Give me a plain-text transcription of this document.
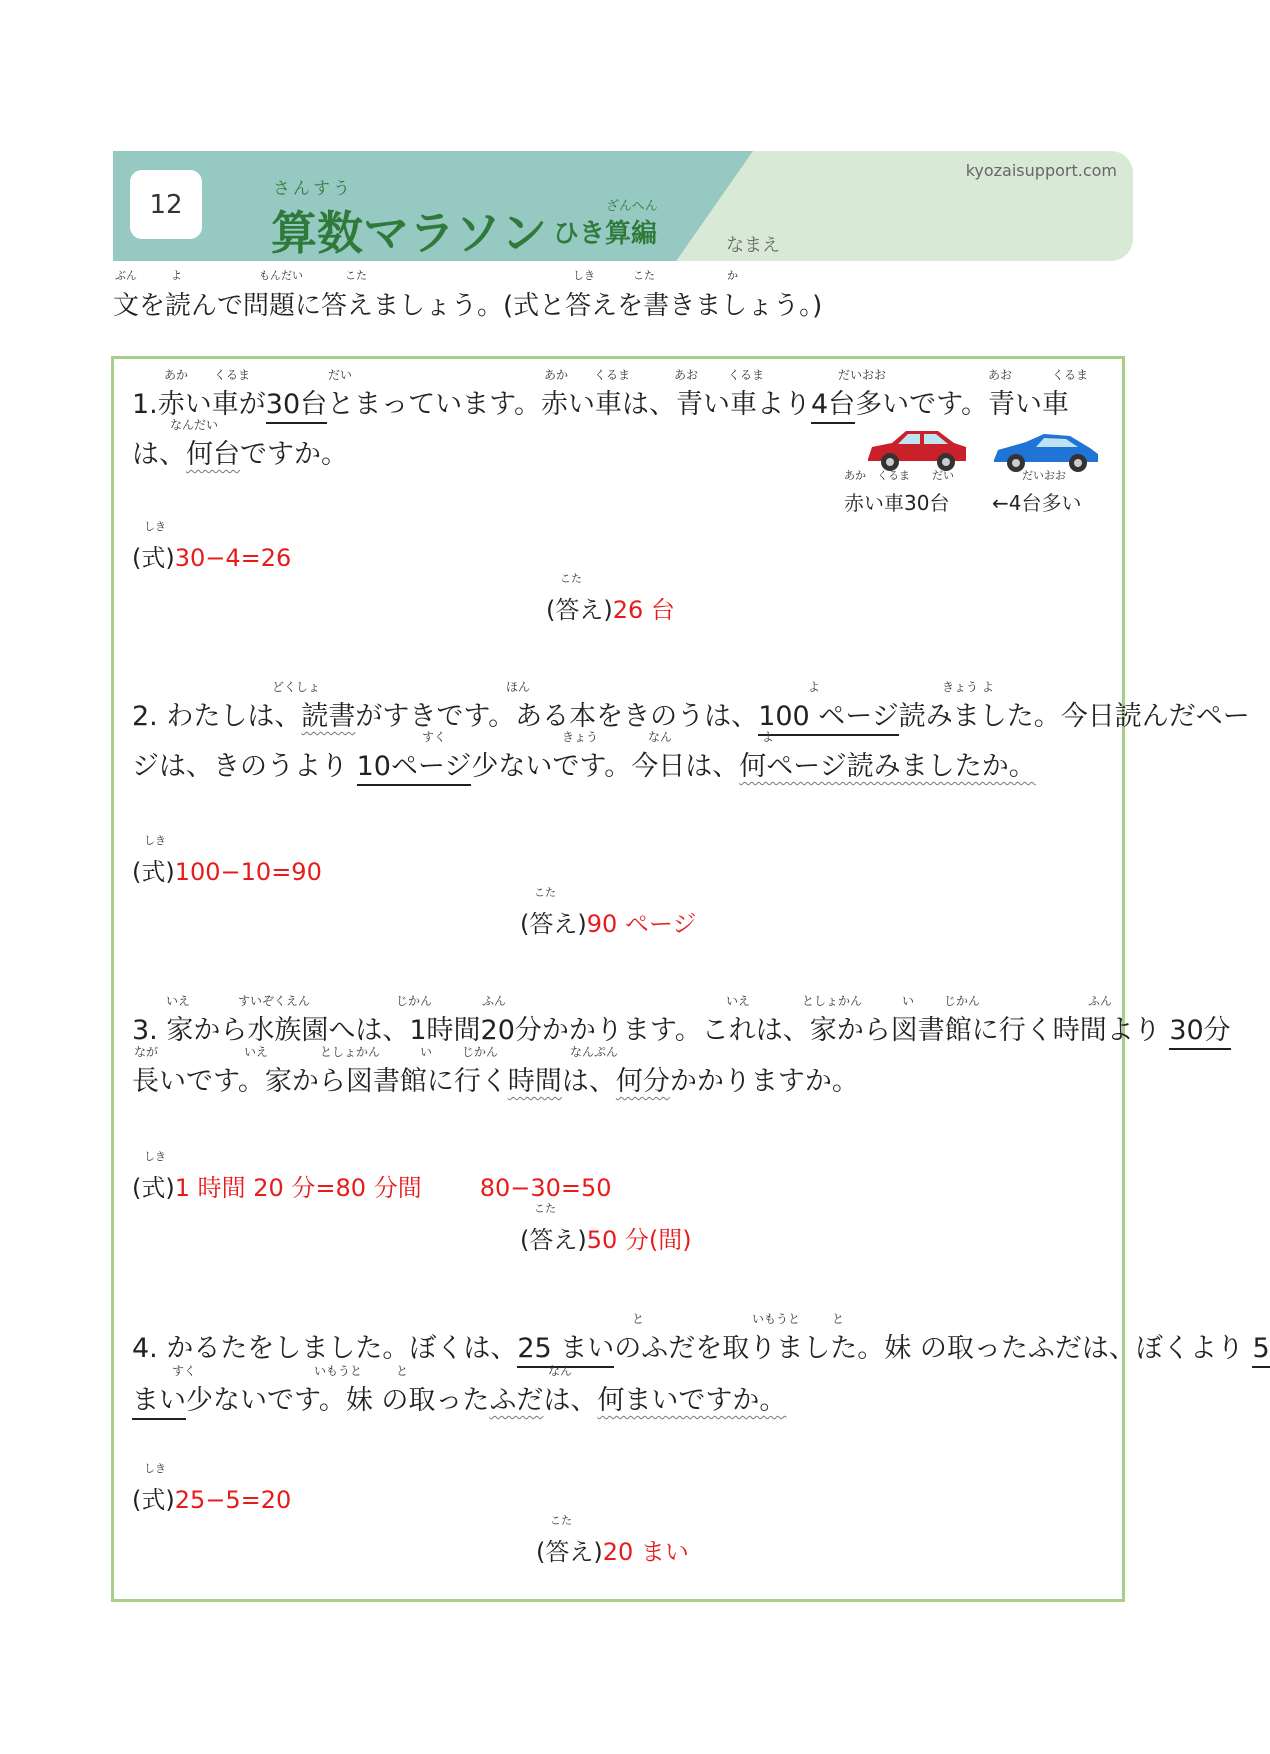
12
さんすう
算数マラソン	ざんへん
ひき算編
kyozaisupport.com
なまえ
ぶん	よ	もんだい	こた	しき	こた	か
文を読んで問題に答えましょう。(式と答えを書きましょう。)
あか くるま	だい	あか くるま	あお くるま	だいおお	あお	くるま
1.赤い車が30台とまっています。赤い車は、青い車より4台多いです。青い車
なんだい
は、何台ですか。
あか　くるま　　だい
赤い車30台
だいおお
←4台多い
しき
(式)30−4=26
こた
(答え)26 台
どくしょ	ほん	よ	きょう よ
2. わたしは、読書がすきです。ある本をきのうは、100 ページ読みました。今日読んだペー
すく	きょう	なん	よ
ジは、きのうより 10ページ少ないです。今日は、何ページ読みましたか。
しき
(式)100−10=90
こた
(答え)90 ページ
いえ	すいぞくえん	じかん	ふん	いえ	としょかん	い じかん	ふん
3. 家から水族園へは、1時間20分かかります。これは、家から図書館に行く時間より 30分
なが	いえ	としょかん	い じかん	なんぷん
長いです。家から図書館に行く時間は、何分かかりますか。
しき
(式)1 時間 20 分=80 分間 80−30=50
こた
(答え)50 分(間)
と	いもうと	と
4. かるたをしました。ぼくは、25 まいのふだを取りました。妹 の取ったふだは、ぼくより 5
すく	いもうと	と	なん
まい少ないです。妹 の取ったふだは、何まいですか。
しき
(式)25−5=20
こた
(答え)20 まい
